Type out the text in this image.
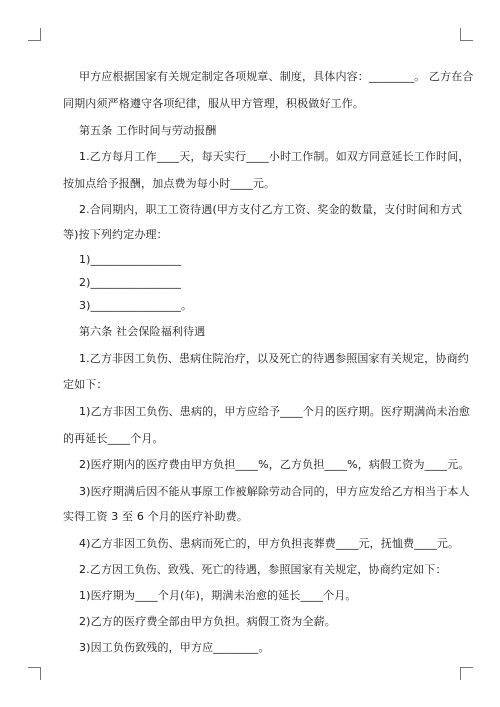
甲方应根据国家有关规定制定各项规章、制度，具体内容：________。 乙方在合
同期内须严格遵守各项纪律，服从甲方管理，积极做好工作。
第五条 工作时间与劳动报酬
1.乙方每月工作____天，每天实行____小时工作制。如双方同意延长工作时间，
按加点给予报酬，加点费为每小时____元。
2.合同期内，职工工资待遇(甲方支付乙方工资、奖金的数量，支付时间和方式
等)按下列约定办理：
1)________________
2)________________
3)________________。
第六条 社会保险福利待遇
1.乙方非因工负伤、患病住院治疗，以及死亡的待遇参照国家有关规定，协商约
定如下：
1)乙方非因工负伤、患病的，甲方应给予____个月的医疗期。医疗期满尚未治愈
的再延长____个月。
2)医疗期内的医疗费由甲方负担____%，乙方负担____%，病假工资为____元。
3)医疗期满后因不能从事原工作被解除劳动合同的，甲方应发给乙方相当于本人
实得工资 3 至 6 个月的医疗补助费。
4)乙方非因工负伤、患病而死亡的，甲方负担丧葬费____元，抚恤费____元。
2.乙方因工负伤、致残、死亡的待遇，参照国家有关规定，协商约定如下：
1)医疗期为____个月(年)，期满未治愈的延长____个月。
2)乙方的医疗费全部由甲方负担。病假工资为全薪。
3)因工负伤致残的，甲方应________。
